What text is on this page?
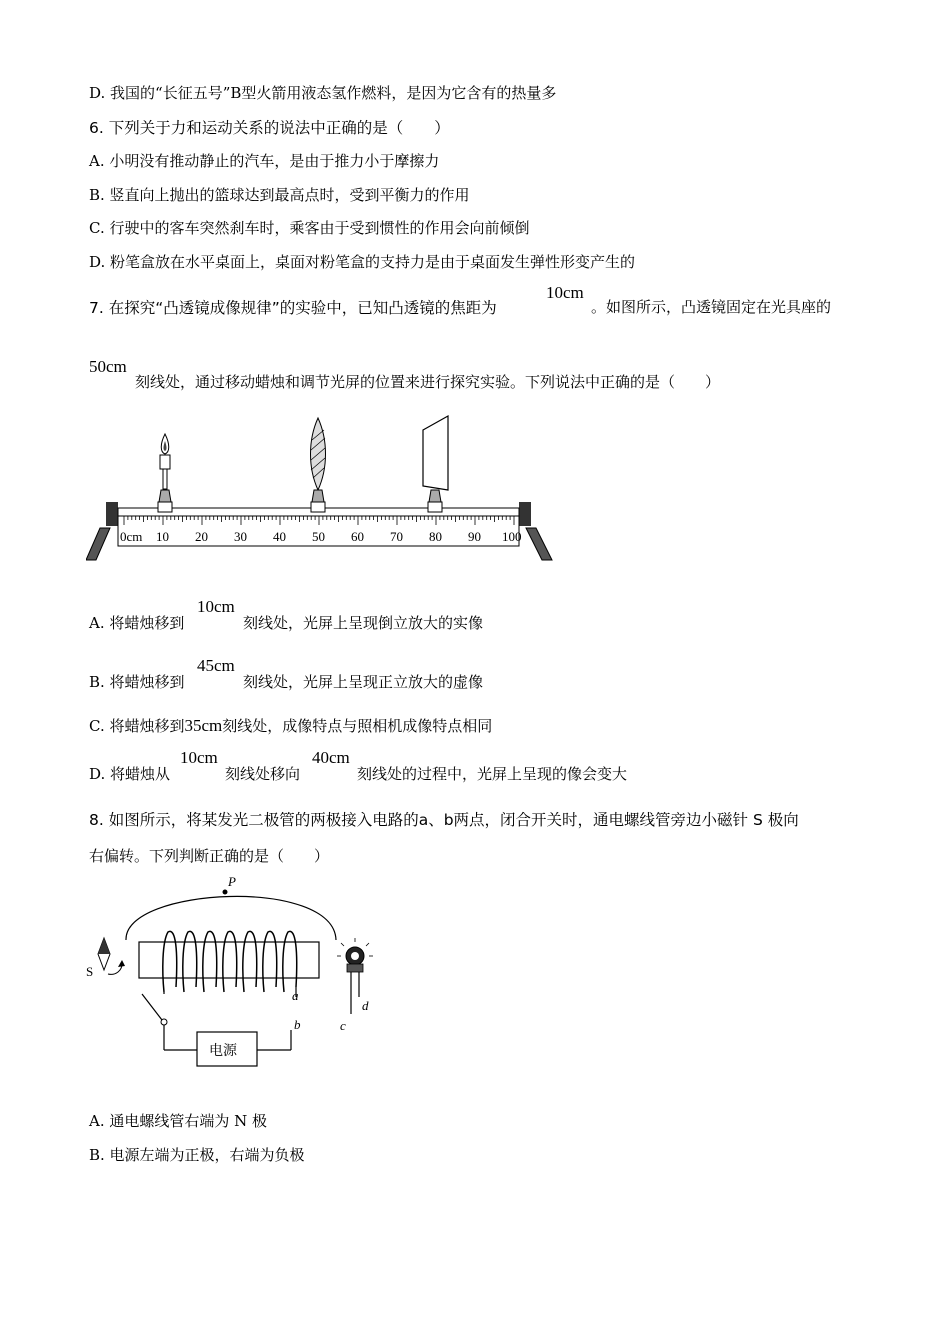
D. 我国的“长征五号”B型火箭用液态氢作燃料，是因为它含有的热量多
6. 下列关于力和运动关系的说法中正确的是（　　）
A. 小明没有推动静止的汽车，是由于推力小于摩擦力
B. 竖直向上抛出的篮球达到最高点时，受到平衡力的作用
C. 行驶中的客车突然刹车时，乘客由于受到惯性的作用会向前倾倒
D. 粉笔盒放在水平桌面上，桌面对粉笔盒的支持力是由于桌面发生弹性形变产生的
7. 在探究“凸透镜成像规律”的实验中，已知凸透镜的焦距为
10cm
。如图所示，凸透镜固定在光具座的
50cm
刻线处，通过移动蜡烛和调节光屏的位置来进行探究实验。下列说法中正确的是（　　）
0cm 10 20 30 40 50 60 70 80 90 100
A. 将蜡烛移到
10cm
刻线处，光屏上呈现倒立放大的实像
B. 将蜡烛移到
45cm
刻线处，光屏上呈现正立放大的虚像
C. 将蜡烛移到35cm刻线处，成像特点与照相机成像特点相同
D. 将蜡烛从
10cm
刻线处移向
40cm
刻线处的过程中，光屏上呈现的像会变大
8. 如图所示，将某发光二极管的两极接入电路的a、b两点，闭合开关时，通电螺线管旁边小磁针 S 极向
右偏转。下列判断正确的是（　　）
P
a
电源
b
S
c
d
A. 通电螺线管右端为 N 极
B. 电源左端为正极，右端为负极
